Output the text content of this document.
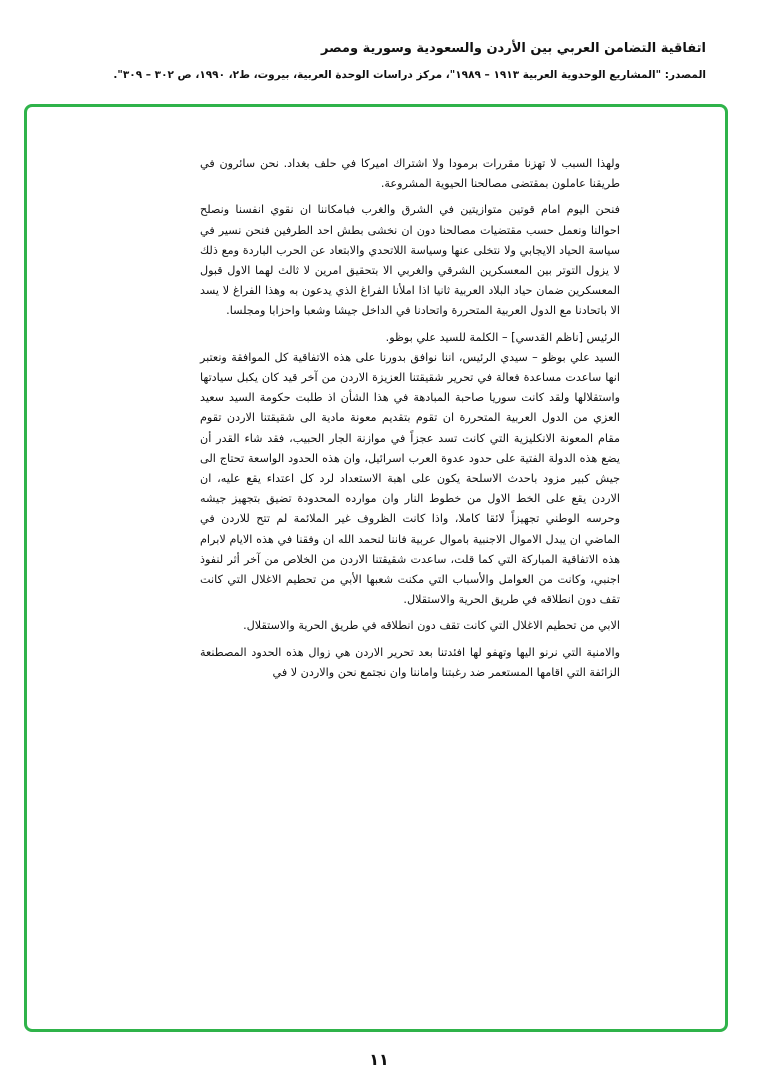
اتفاقية التضامن العربي بين الأردن والسعودية وسورية ومصر
المصدر: "المشاريع الوحدوية العربية ١٩١٣ – ١٩٨٩"، مركز دراسات الوحدة العربية، بيروت، ط٢، ١٩٩٠، ص ٣٠٢ – ٣٠٩".

ولهذا السبب لا تهزنا مقررات برمودا ولا اشتراك اميركا في حلف بغداد. نحن سائرون في طريقنا عاملون بمقتضى مصالحنا الحيوية المشروعة.

فنحن اليوم امام قوتين متوازيتين في الشرق والغرب فبامكاننا ان نقوي انفسنا ونصلح احوالنا ونعمل حسب مقتضيات مصالحنا دون ان نخشى بطش احد الطرفين فنحن نسير في سياسة الحياد الايجابي ولا نتخلى عنها وسياسة اللاتحدي والابتعاد عن الحرب الباردة ومع ذلك لا يزول التوتر بين المعسكرين الشرقي والغربي الا بتحقيق امرين لا ثالث لهما الاول قبول المعسكرين ضمان حياد البلاد العربية ثانيا اذا املأنا الفراغ الذي يدعون به وهذا الفراغ لا يسد الا باتحادنا مع الدول العربية المتحررة واتحادنا في الداخل جيشا وشعبا واحزابا ومجلسا.

الرئيس [ناظم القدسي] – الكلمة للسيد علي بوظو.
السيد علي بوظو – سيدي الرئيس، اننا نوافق بدورنا على هذه الاتفاقية كل الموافقة ونعتبر انها ساعدت مساعدة فعالة في تحرير شقيقتنا العزيزة الاردن من آخر قيد كان يكبل سيادتها واستقلالها ولقد كانت سوريا صاحبة المبادهة في هذا الشأن اذ طلبت حكومة السيد سعيد العزي من الدول العربية المتحررة ان تقوم بتقديم معونة مادية الى شقيقتنا الاردن تقوم مقام المعونة الانكليزية التي كانت تسد عجزاً في موازنة الجار الحبيب، فقد شاء القدر أن يضع هذه الدولة الفتية على حدود عدوة العرب اسرائيل، وان هذه الحدود الواسعة تحتاج الى جيش كبير مزود باحدث الاسلحة يكون على اهبة الاستعداد لرد كل اعتداء يقع عليه، ان الاردن يقع على الخط الاول من خطوط النار وان موارده المحدودة تضيق بتجهيز جيشه وحرسه الوطني تجهيزاً لائقا كاملا، واذا كانت الظروف غير الملائمة لم تتح للاردن في الماضي ان يبدل الاموال الاجنبية باموال عربية فاننا لنحمد الله ان وفقنا في هذه الايام لابرام هذه الاتفاقية المباركة التي كما قلت، ساعدت شقيقتنا الاردن من الخلاص من آخر أثر لنفوذ اجنبي، وكانت من العوامل والأسباب التي مكنت شعبها الأبي من تحطيم الاغلال التي كانت تقف دون انطلاقه في طريق الحرية والاستقلال.

الابي من تحطيم الاغلال التي كانت تقف دون انطلاقه في طريق الحرية والاستقلال.

والامنية التي نرنو اليها وتهفو لها افئدتنا بعد تحرير الاردن هي زوال هذه الحدود المصطنعة الزائفة التي اقامها المستعمر ضد رغبتنا واماننا وان نجتمع نحن والاردن لا في

١١
